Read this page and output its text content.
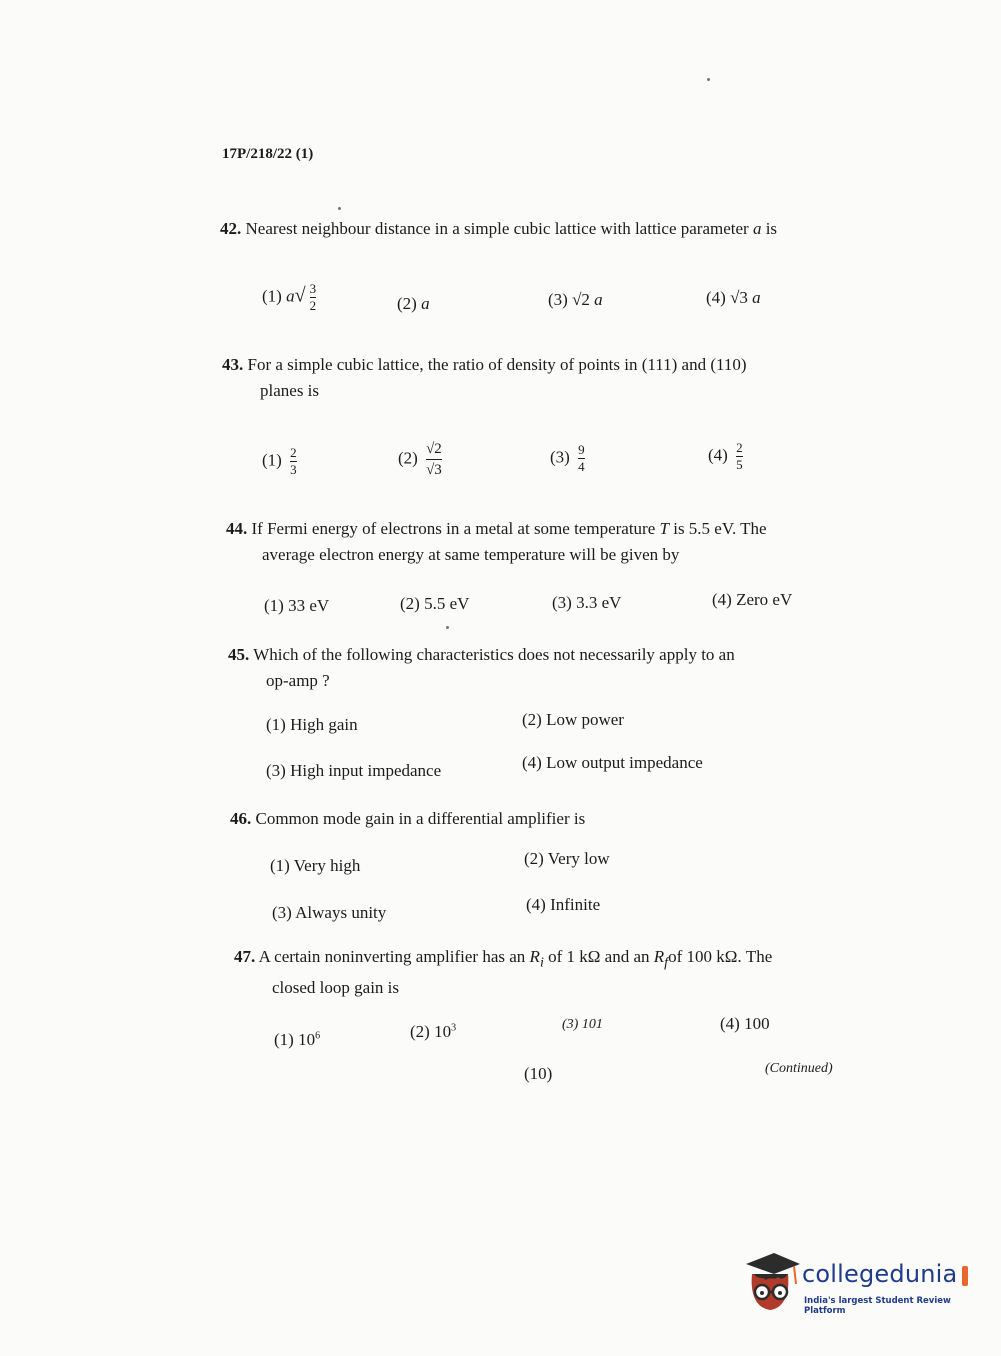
17P/218/22 (1)
42. Nearest neighbour distance in a simple cubic lattice with lattice parameter a is
(1) $a√ \frac{3}{2}$	(2) a	(3) √2 a	(4) √3 a
43. For a simple cubic lattice, the ratio of density of points in (111) and (110)
planes is
$(1) \frac{2}{3}$	$(2) \frac{√2}{√3}$	$(3) \frac{9}{4}$	$(4) \frac{2}{5}$
44. If Fermi energy of electrons in a metal at some temperature T is 5.5 eV. The
average electron energy at same temperature will be given by
(1) 33 eV	(2) 5.5 eV	(3) 3.3 eV	(4) Zero eV
45. Which of the following characteristics does not necessarily apply to an
op-amp ?
(1) High gain	(2) Low power
(3) High input impedance	(4) Low output impedance
46. Common mode gain in a differential amplifier is
(1) Very high	(2) Very low
(3) Always unity	(4) Infinite
47. A certain noninverting amplifier has an $R_i$ of 1 kΩ and an $R_fof$ 100 kΩ. The
closed loop gain is
(1) $10^6$	(2) $10^3$	(3) 101	(4) 100
(10)	(Continued)
collegedunia
India's largest Student Review Platform
